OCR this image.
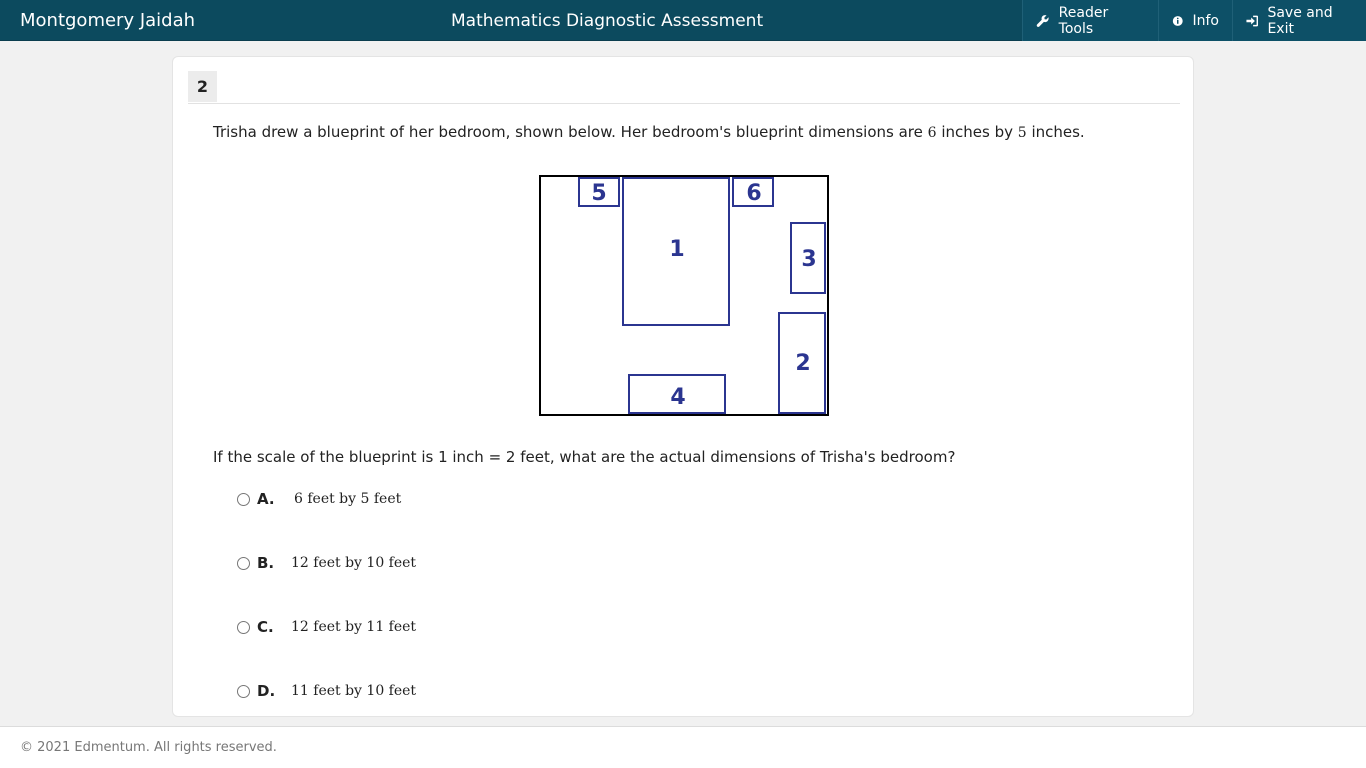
Montgomery Jaidah	Mathematics Diagnostic Assessment	Reader Tools	Info	Save and Exit
2
Trisha drew a blueprint of her bedroom, shown below. Her bedroom's blueprint dimensions are 6 inches by 5 inches.
5
1
6
3
2
4
If the scale of the blueprint is 1 inch = 2 feet, what are the actual dimensions of Trisha's bedroom?
A. 6 feet by 5 feet
B. 12 feet by 10 feet
C. 12 feet by 11 feet
D. 11 feet by 10 feet
© 2021 Edmentum. All rights reserved.
